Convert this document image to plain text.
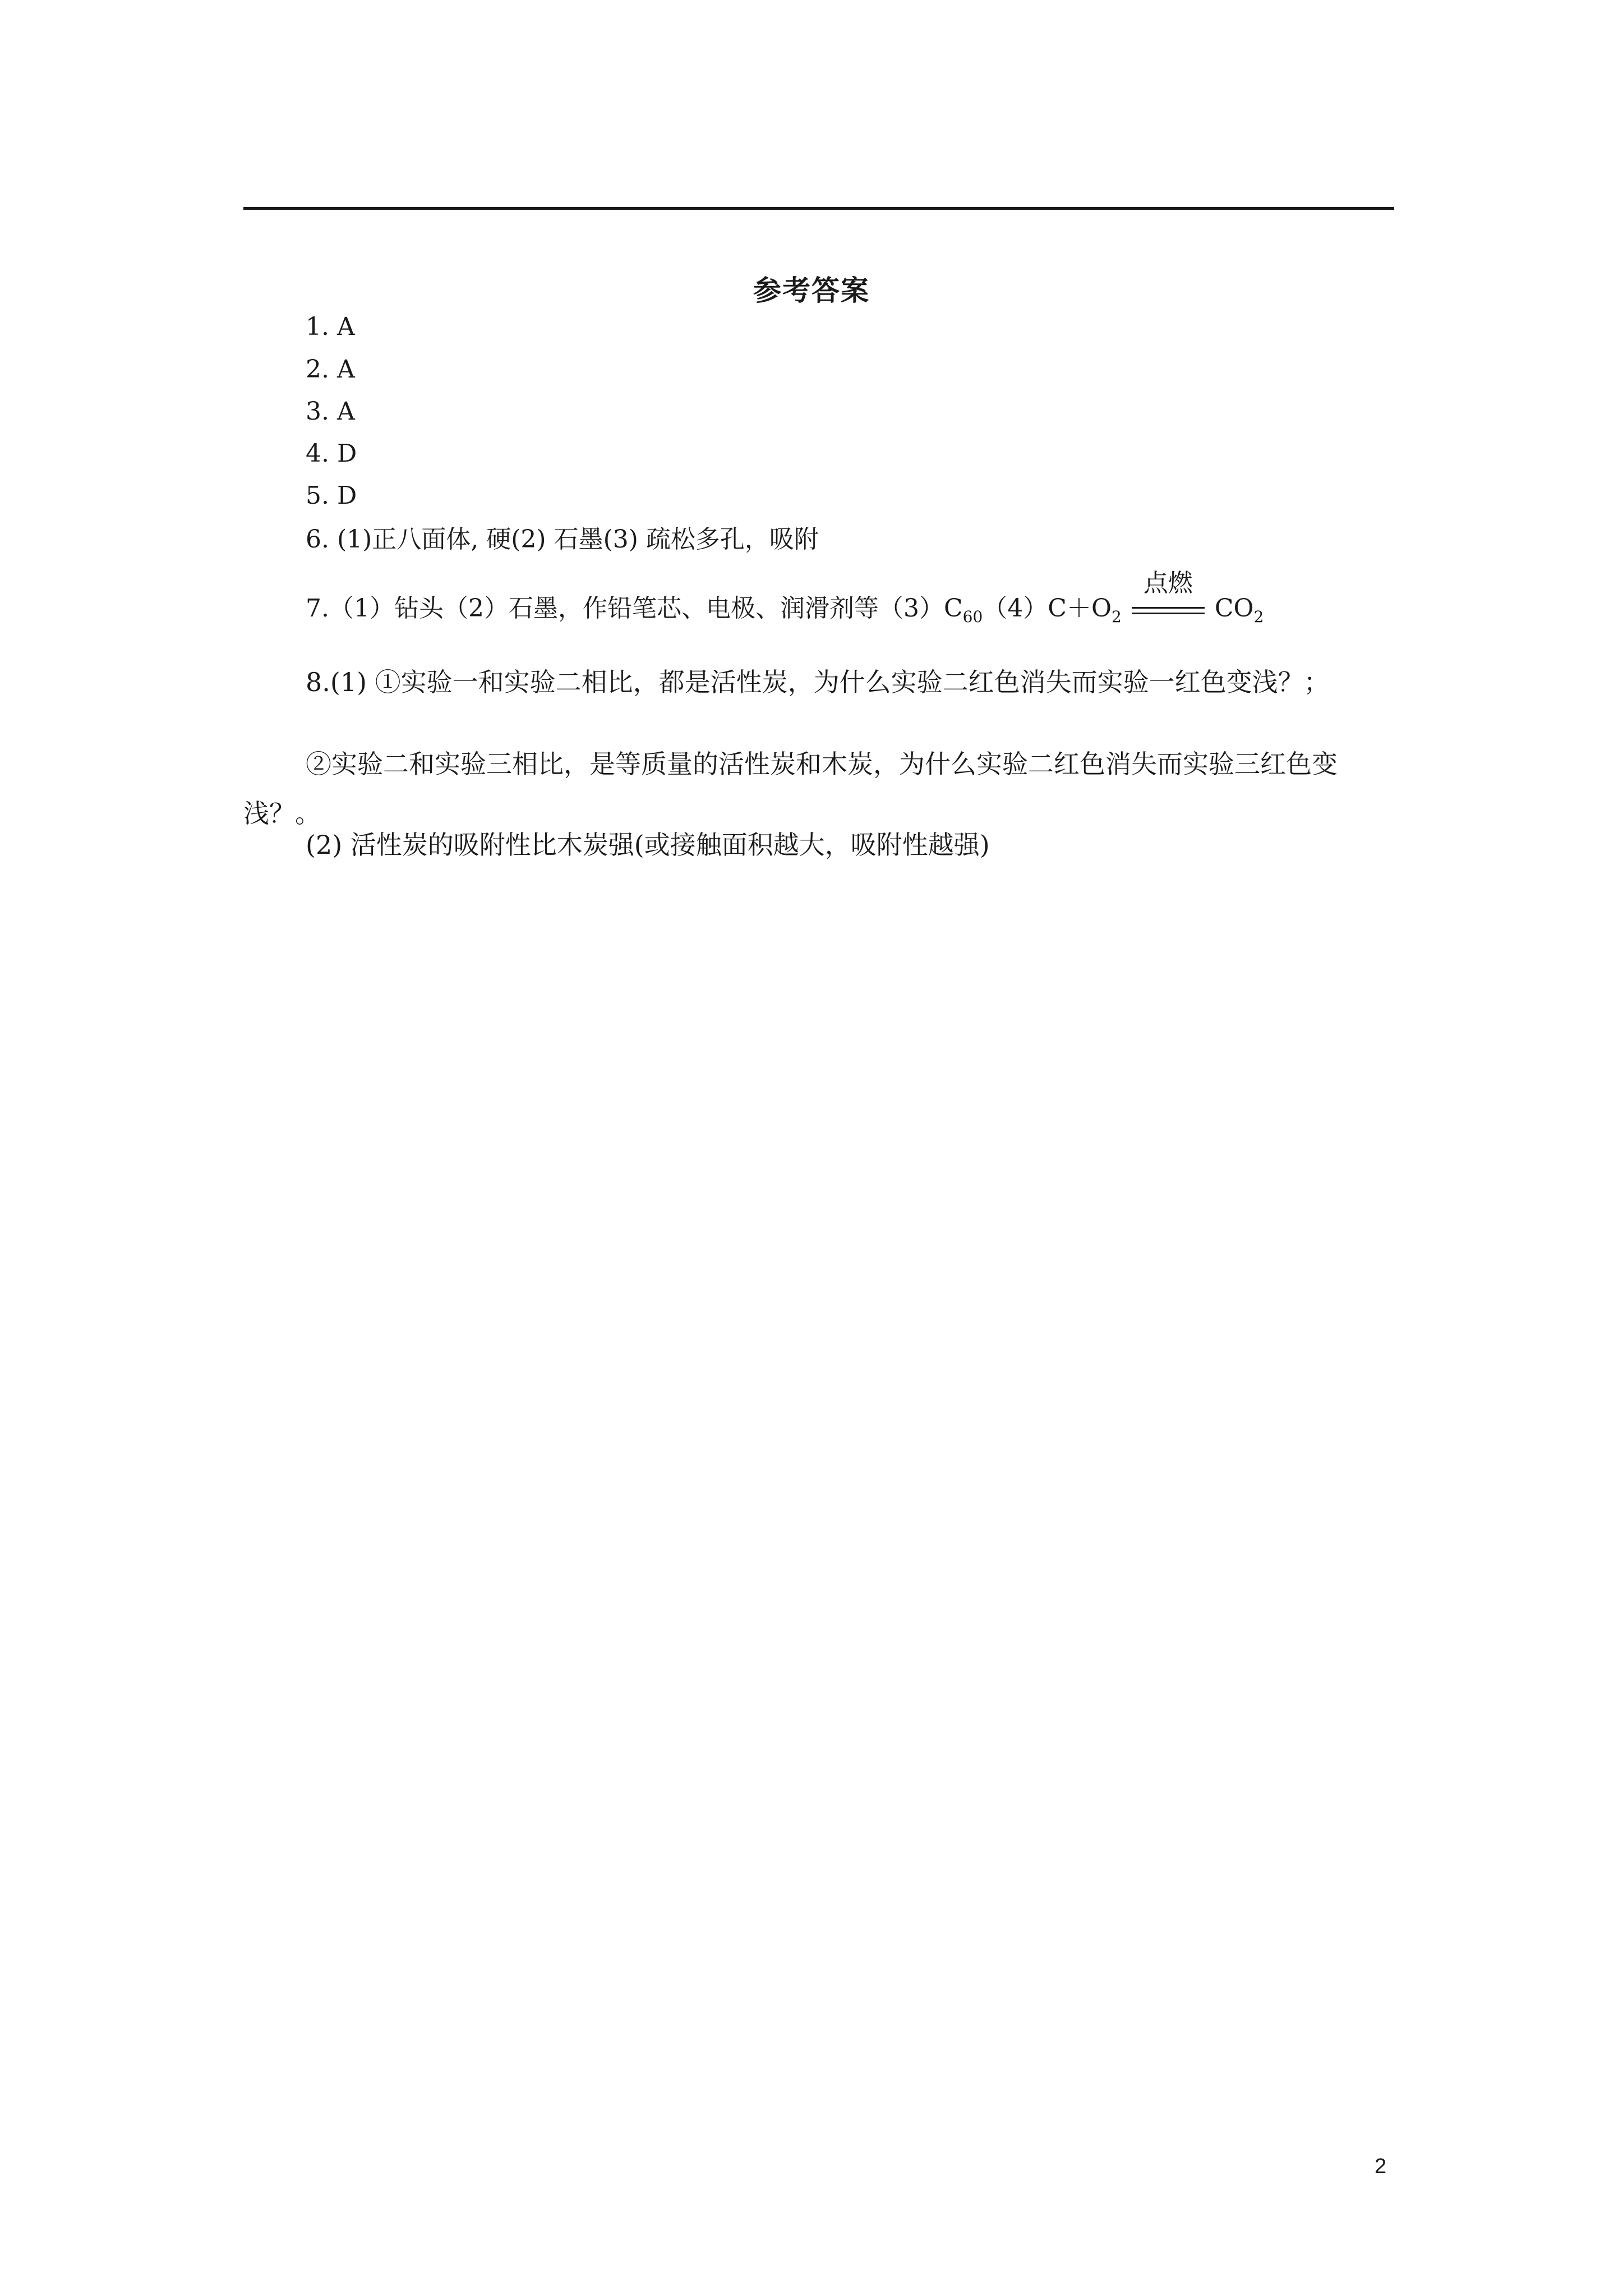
参考答案
1. A
2. A
3. A
4. D
5. D
6. (1)正八面体, 硬(2) 石墨(3) 疏松多孔，吸附
7.（1）钻头（2）石墨，作铅笔芯、电极、润滑剂等$(3)C_{60}(4)C+O_2$
点燃
$CO_2$
8.(1) ①实验一和实验二相比，都是活性炭，为什么实验二红色消失而实验一红色变浅？；
②实验二和实验三相比，是等质量的活性炭和木炭，为什么实验二红色消失而实验三红色变浅？。
(2) 活性炭的吸附性比木炭强(或接触面积越大，吸附性越强)
2
